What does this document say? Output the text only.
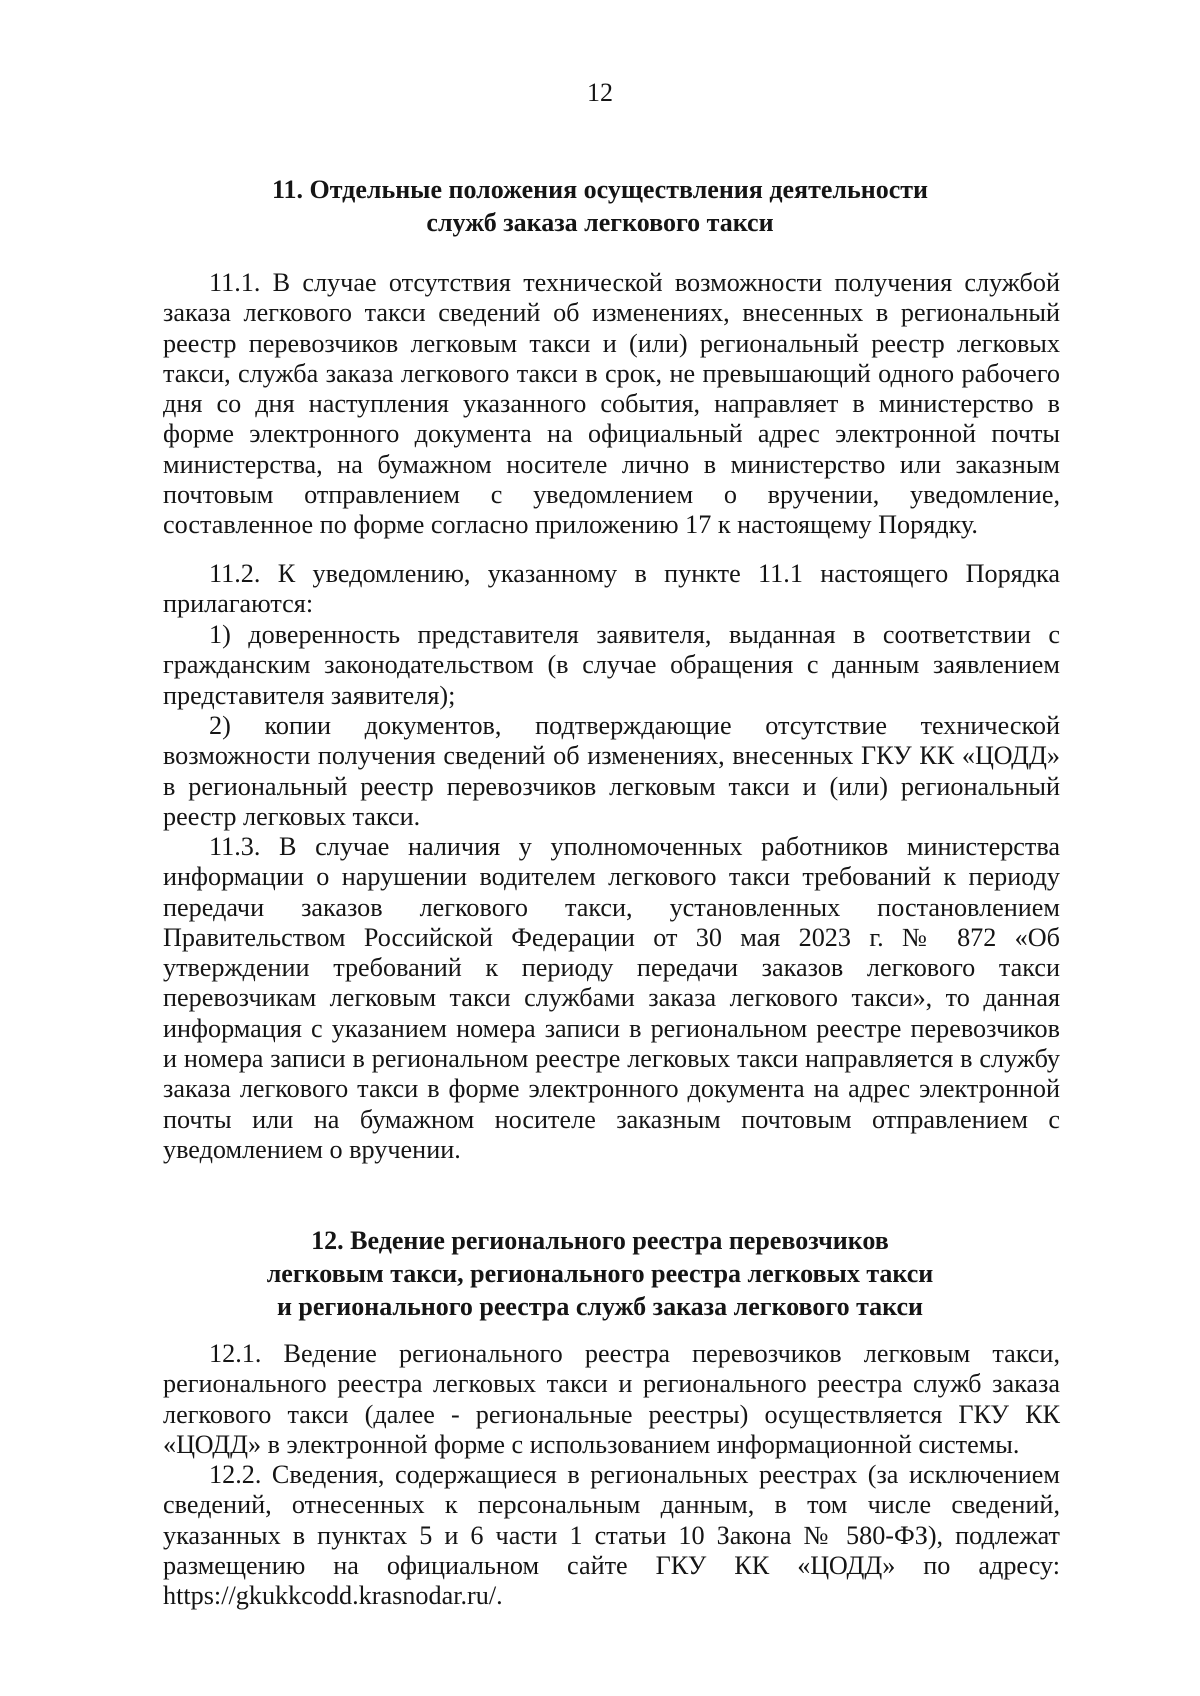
12
11. Отдельные положения осуществления деятельности
служб заказа легкового такси
11.1. В случае отсутствия технической возможности получения службой заказа легкового такси сведений об изменениях, внесенных в региональный реестр перевозчиков легковым такси и (или) региональный реестр легковых такси, служба заказа легкового такси в срок, не превышающий одного рабочего дня со дня наступления указанного события, направляет в министерство в форме электронного документа на официальный адрес электронной почты министерства, на бумажном носителе лично в министерство или заказным почтовым отправлением с уведомлением о вручении, уведомление, составленное по форме согласно приложению 17 к настоящему Порядку.
11.2. К уведомлению, указанному в пункте 11.1 настоящего Порядка прилагаются:
1) доверенность представителя заявителя, выданная в соответствии с гражданским законодательством (в случае обращения с данным заявлением представителя заявителя);
2) копии документов, подтверждающие отсутствие технической возможности получения сведений об изменениях, внесенных ГКУ КК «ЦОДД» в региональный реестр перевозчиков легковым такси и (или) региональный реестр легковых такси.
11.3. В случае наличия у уполномоченных работников министерства информации о нарушении водителем легкового такси требований к периоду передачи заказов легкового такси, установленных постановлением Правительством Российской Федерации от 30 мая 2023 г. № 872 «Об утверждении требований к периоду передачи заказов легкового такси перевозчикам легковым такси службами заказа легкового такси», то данная информация с указанием номера записи в региональном реестре перевозчиков и номера записи в региональном реестре легковых такси направляется в службу заказа легкового такси в форме электронного документа на адрес электронной почты или на бумажном носителе заказным почтовым отправлением с уведомлением о вручении.
12. Ведение регионального реестра перевозчиков
легковым такси, регионального реестра легковых такси
и регионального реестра служб заказа легкового такси
12.1. Ведение регионального реестра перевозчиков легковым такси, регионального реестра легковых такси и регионального реестра служб заказа легкового такси (далее - региональные реестры) осуществляется ГКУ КК «ЦОДД» в электронной форме с использованием информационной системы.
12.2. Сведения, содержащиеся в региональных реестрах (за исключением сведений, отнесенных к персональным данным, в том числе сведений, указанных в пунктах 5 и 6 части 1 статьи 10 Закона № 580-ФЗ), подлежат размещению на официальном сайте ГКУ КК «ЦОДД» по адресу: https://gkukkcodd.krasnodar.ru/.
